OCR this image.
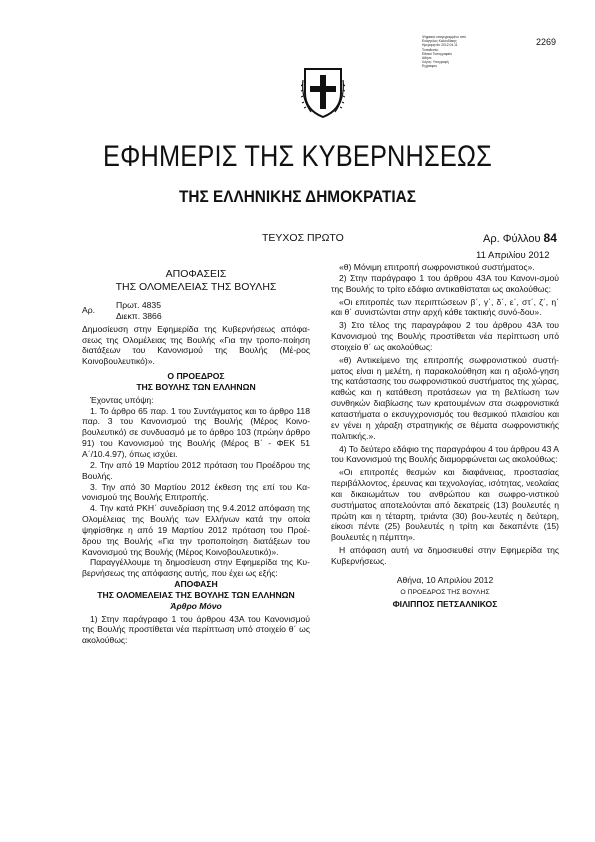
Ψηφιακά υπογεγραμμένο από
Ευάγγελος Καλουδάκης
Ημερομηνία: 2012.04.11
Τοποθεσία:
Εθνικό Τυπογραφείο
Αθήνα
Λόγος: Υπογραφή
Εγγραφου
2269
ΕΦΗΜΕΡΙΣ ΤΗΣ ΚΥΒΕΡΝΗΣΕΩΣ
ΤΗΣ ΕΛΛΗΝΙΚΗΣ ΔΗΜΟΚΡΑΤΙΑΣ
ΤΕΥΧΟΣ ΠΡΩΤΟ	Αρ. Φύλλου 84
11 Απριλίου 2012
ΑΠΟΦΑΣΕΙΣ
ΤΗΣ ΟΛΟΜΕΛΕΙΑΣ ΤΗΣ ΒΟΥΛΗΣ
Αρ.	Πρωτ. 4835
Διεκπ. 3866

Δημοσίευση στην Εφημερίδα της Κυβερνήσεως απόφα-σεως της Ολομέλειας της Βουλής «Για την τροπο-ποίηση διατάξεων του Κανονισμού της Βουλής (Μέ-ρος Κοινοβουλευτικό)».

Ο ΠΡΟΕΔΡΟΣ
ΤΗΣ ΒΟΥΛΗΣ ΤΩΝ ΕΛΛΗΝΩΝ

Έχοντας υπόψη:

1. Το άρθρο 65 παρ. 1 του Συντάγματος και το άρθρο 118 παρ. 3 του Κανονισμού της Βουλής (Μέρος Κοινο-βουλευτικό) σε συνδυασμό με το άρθρο 103 (πρώην άρθρο 91) του Κανονισμού της Βουλής (Μέρος Β΄ - ΦΕΚ 51 Α΄/10.4.97), όπως ισχύει.

2. Την από 19 Μαρτίου 2012 πρόταση του Προέδρου της Βουλής.

3. Την από 30 Μαρτίου 2012 έκθεση της επί του Κα-νονισμού της Βουλής Επιτροπής.

4. Την κατά ΡΚΗ΄ συνεδρίαση της 9.4.2012 απόφαση της Ολομέλειας της Βουλής των Ελλήνων κατά την οποία ψηφίσθηκε η από 19 Μαρτίου 2012 πρόταση του Προέ-δρου της Βουλής «Για την τροποποίηση διατάξεων του Κανονισμού της Βουλής (Μέρος Κοινοβουλευτικό)».

Παραγγέλλουμε τη δημοσίευση στην Εφημερίδα της Κυ-βερνήσεως της απόφασης αυτής, που έχει ως εξής:

ΑΠΟΦΑΣΗ
ΤΗΣ ΟΛΟΜΕΛΕΙΑΣ ΤΗΣ ΒΟΥΛΗΣ ΤΩΝ ΕΛΛΗΝΩΝ
Άρθρο Μόνο

1) Στην παράγραφο 1 του άρθρου 43Α του Κανονισμού της Βουλής προστίθεται νέα περίπτωση υπό στοιχείο θ΄ ως ακολούθως:

«θ) Μόνιμη επιτροπή σωφρονιστικού συστήματος».

2) Στην παράγραφο 1 του άρθρου 43Α του Κανονι-σμού της Βουλής το τρίτο εδάφιο αντικαθίσταται ως ακολούθως:

«Οι επιτροπές των περιπτώσεων β΄, γ΄, δ΄, ε΄, στ΄, ζ΄, η΄ και θ΄ συνιστώνται στην αρχή κάθε τακτικής συνό-δου».

3) Στο τέλος της παραγράφου 2 του άρθρου 43Α του Κανονισμού της Βουλής προστίθεται νέα περίπτωση υπό στοιχείο θ΄ ως ακολούθως:

«θ) Αντικείμενο της επιτροπής σωφρονιστικού συστή-ματος είναι η μελέτη, η παρακολούθηση και η αξιολό-γηση της κατάστασης του σωφρονιστικού συστήματος της χώρας, καθώς και η κατάθεση προτάσεων για τη βελτίωση των συνθηκών διαβίωσης των κρατουμένων στα σωφρονιστικά καταστήματα ο εκσυγχρονισμός του θεσμικού πλαισίου και εν γένει η χάραξη στρατηγικής σε θέματα σωφρονιστικής πολιτικής.».

4) Το δεύτερο εδάφιο της παραγράφου 4 του άρθρου 43 Α του Κανονισμού της Βουλής διαμορφώνεται ως ακολούθως:

«Οι επιτροπές θεσμών και διαφάνειας, προστασίας περιβάλλοντος, έρευνας και τεχνολογίας, ισότητας, νεολαίας και δικαιωμάτων του ανθρώπου και σωφρο-νιστικού συστήματος αποτελούνται από δεκατρείς (13) βουλευτές η πρώτη και η τέταρτη, τριάντα (30) βου-λευτές η δεύτερη, είκοσι πέντε (25) βουλευτές η τρίτη και δεκαπέντε (15) βουλευτές η πέμπτη».

Η απόφαση αυτή να δημοσιευθεί στην Εφημερίδα της Κυβερνήσεως.

Αθήνα, 10 Απριλίου 2012
Ο ΠΡΟΕΔΡΟΣ ΤΗΣ ΒΟΥΛΗΣ
ΦΙΛΙΠΠΟΣ ΠΕΤΣΑΛΝΙΚΟΣ
